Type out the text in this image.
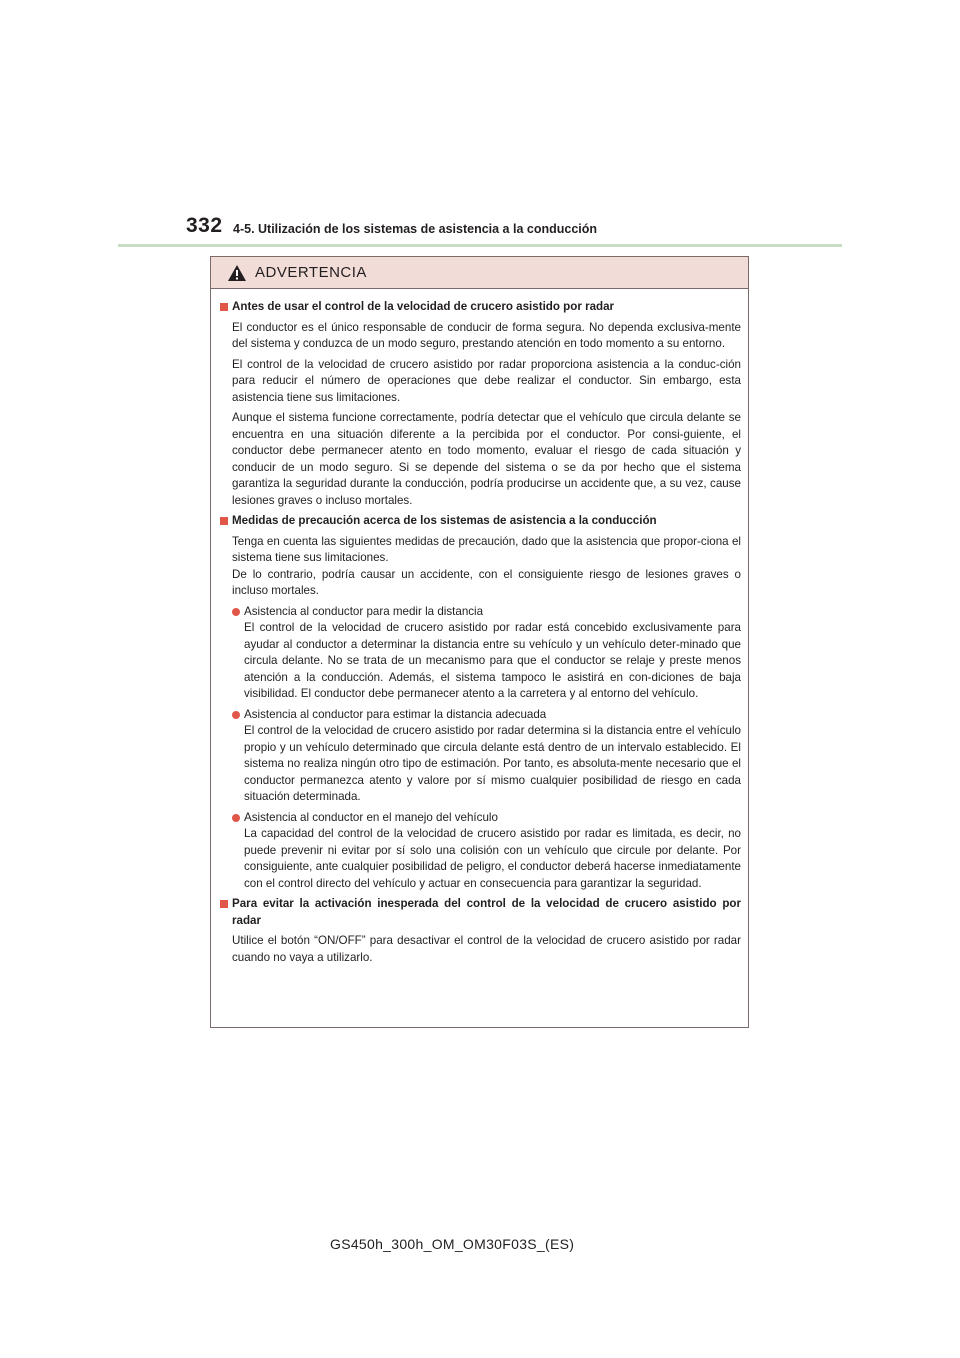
332 4-5. Utilización de los sistemas de asistencia a la conducción
ADVERTENCIA
Antes de usar el control de la velocidad de crucero asistido por radar

El conductor es el único responsable de conducir de forma segura. No dependa exclusiva-mente del sistema y conduzca de un modo seguro, prestando atención en todo momento a su entorno.

El control de la velocidad de crucero asistido por radar proporciona asistencia a la conduc-ción para reducir el número de operaciones que debe realizar el conductor. Sin embargo, esta asistencia tiene sus limitaciones.

Aunque el sistema funcione correctamente, podría detectar que el vehículo que circula delante se encuentra en una situación diferente a la percibida por el conductor. Por consi-guiente, el conductor debe permanecer atento en todo momento, evaluar el riesgo de cada situación y conducir de un modo seguro. Si se depende del sistema o se da por hecho que el sistema garantiza la seguridad durante la conducción, podría producirse un accidente que, a su vez, cause lesiones graves o incluso mortales.

Medidas de precaución acerca de los sistemas de asistencia a la conducción

Tenga en cuenta las siguientes medidas de precaución, dado que la asistencia que propor-ciona el sistema tiene sus limitaciones.
De lo contrario, podría causar un accidente, con el consiguiente riesgo de lesiones graves o incluso mortales.

Asistencia al conductor para medir la distancia
El control de la velocidad de crucero asistido por radar está concebido exclusivamente para ayudar al conductor a determinar la distancia entre su vehículo y un vehículo deter-minado que circula delante. No se trata de un mecanismo para que el conductor se relaje y preste menos atención a la conducción. Además, el sistema tampoco le asistirá en con-diciones de baja visibilidad. El conductor debe permanecer atento a la carretera y al entorno del vehículo.
Asistencia al conductor para estimar la distancia adecuada
El control de la velocidad de crucero asistido por radar determina si la distancia entre el vehículo propio y un vehículo determinado que circula delante está dentro de un intervalo establecido. El sistema no realiza ningún otro tipo de estimación. Por tanto, es absoluta-mente necesario que el conductor permanezca atento y valore por sí mismo cualquier posibilidad de riesgo en cada situación determinada.
Asistencia al conductor en el manejo del vehículo
La capacidad del control de la velocidad de crucero asistido por radar es limitada, es decir, no puede prevenir ni evitar por sí solo una colisión con un vehículo que circule por delante. Por consiguiente, ante cualquier posibilidad de peligro, el conductor deberá hacerse inmediatamente con el control directo del vehículo y actuar en consecuencia para garantizar la seguridad.
Para evitar la activación inesperada del control de la velocidad de crucero asistido por radar

Utilice el botón “ON/OFF” para desactivar el control de la velocidad de crucero asistido por radar cuando no vaya a utilizarlo.

GS450h_300h_OM_OM30F03S_(ES)
